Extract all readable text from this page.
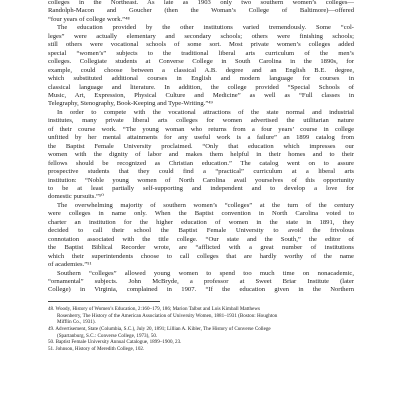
colleges in the Northeast. As late as 1903 only two southern women’s colleges—
Randolph-Macon and Goucher (then the Woman’s College of Baltimore)—offered
“four years of college work.”⁴⁸
The education provided by the other institutions varied tremendously. Some “col-
leges” were actually elementary and secondary schools; others were finishing schools;
still others were vocational schools of some sort. Most private women’s colleges added
special “women’s” subjects to the traditional liberal arts curriculum of the men’s
colleges. Collegiate students at Converse College in South Carolina in the 1890s, for
example, could choose between a classical A.B. degree and an English B.E. degree,
which substituted additional courses in English and modern language for courses in
classical language and literature. In addition, the college provided “Special Schools of
Music, Art, Expression, Physical Culture and Medicine” as well as “Full classes in
Telegraphy, Stenography, Book-Keeping and Type-Writing.”⁴⁹
In order to compete with the vocational attractions of the state normal and industrial
institutes, many private liberal arts colleges for women advertised the utilitarian nature
of their course work. “The young woman who returns from a four years’ course in college
unfitted by her mental attainments for any useful work is a failure” an 1899 catalog from
the Baptist Female University proclaimed. “Only that education which impresses our
women with the dignity of labor and makes them helpful in their homes and to their
fellows should be recognized as Christian education.” The catalog went on to assure
prospective students that they could find a “practical” curriculum at a liberal arts
institution: “Noble young women of North Carolina avail yourselves of this opportunity
to be at least partially self-supporting and independent and to develop a love for
domestic pursuits.”⁵⁰
The overwhelming majority of southern women’s “colleges” at the turn of the century
were colleges in name only. When the Baptist convention in North Carolina voted to
charter an institution for the higher education of women in the state in 1891, they
decided to call their school the Baptist Female University to avoid the frivolous
connotation associated with the title college. “Our state and the South,” the editor of
the Baptist Biblical Recorder wrote, are “afflicted with a great number of institutions
which their superintendents choose to call colleges that are hardly worthy of the name
of academies.”⁵¹
Southern “colleges” allowed young women to spend too much time on nonacademic,
“ornamental” subjects. John McBryde, a professor at Sweet Briar Institute (later
College) in Virginia, complained in 1907. “If the education given in the Northern
48. Woody, History of Women’s Education, 2:160–179, 186; Marion Talbot and Lois Kimball Matthews
Rosenberry, The History of the American Association of University Women, 1881–1931 (Boston: Houghton
Mifflin Co., 1931).
49. Advertisement, State (Columbia, S.C.), July 20, 1891; Lillian A. Kibler, The History of Converse College
(Spartanburg, S.C.: Converse College, 1973), 50.
50. Baptist Female University Annual Catalogue, 1899–1900, 23.
51. Johnson, History of Meredith College, 102.
